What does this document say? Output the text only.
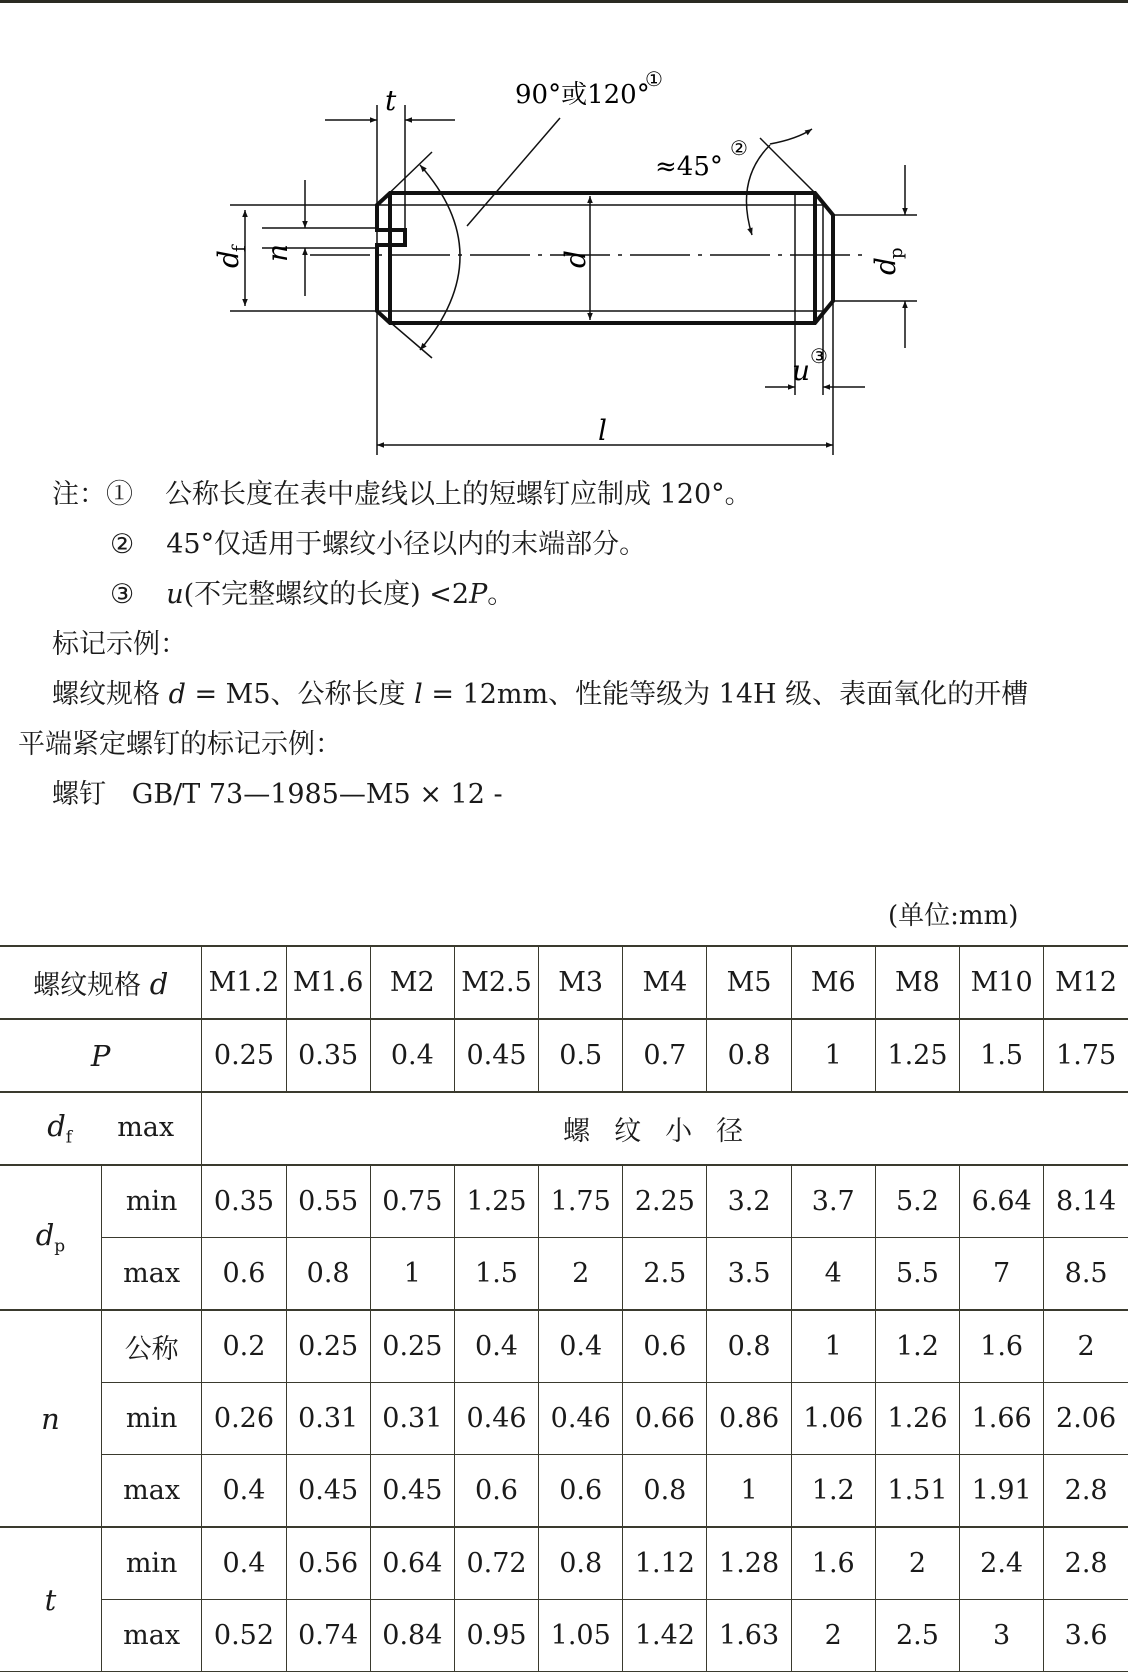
t	90°或120°
①
≈45°
②
d
f n	d	d
p
u ③
l
注：① 公称长度在表中虚线以上的短螺钉应制成 120°。
② 45°仅适用于螺纹小径以内的末端部分。
③ u(不完整螺纹的长度) <2P。
标记示例：
螺纹规格 d = M5、公称长度 l = 12mm、性能等级为 14H 级、表面氧化的开槽
平端紧定螺钉的标记示例：
螺钉   GB/T 73—1985—M5 × 12 -
(单位:mm)
螺纹规格 d		M1.2	M1.6	M2	M2.5	M3	M4	M5	M6	M8	M10	M12
P		0.25	0.35	0.4	0.45	0.5	0.7	0.8	1	1.25	1.5	1.75
$d_f$ max		螺纹小径										
$d_p$	min	0.35	0.55	0.75	1.25	1.75	2.25	3.2	3.7	5.2	6.64	8.14
	max	0.6	0.8	1	1.5	2	2.5	3.5	4	5.5	7	8.5
n	公称	0.2	0.25	0.25	0.4	0.4	0.6	0.8	1	1.2	1.6	2
	min	0.26	0.31	0.31	0.46	0.46	0.66	0.86	1.06	1.26	1.66	2.06
	max	0.4	0.45	0.45	0.6	0.6	0.8	1	1.2	1.51	1.91	2.8
t	min	0.4	0.56	0.64	0.72	0.8	1.12	1.28	1.6	2	2.4	2.8
	max	0.52	0.74	0.84	0.95	1.05	1.42	1.63	2	2.5	3	3.6
